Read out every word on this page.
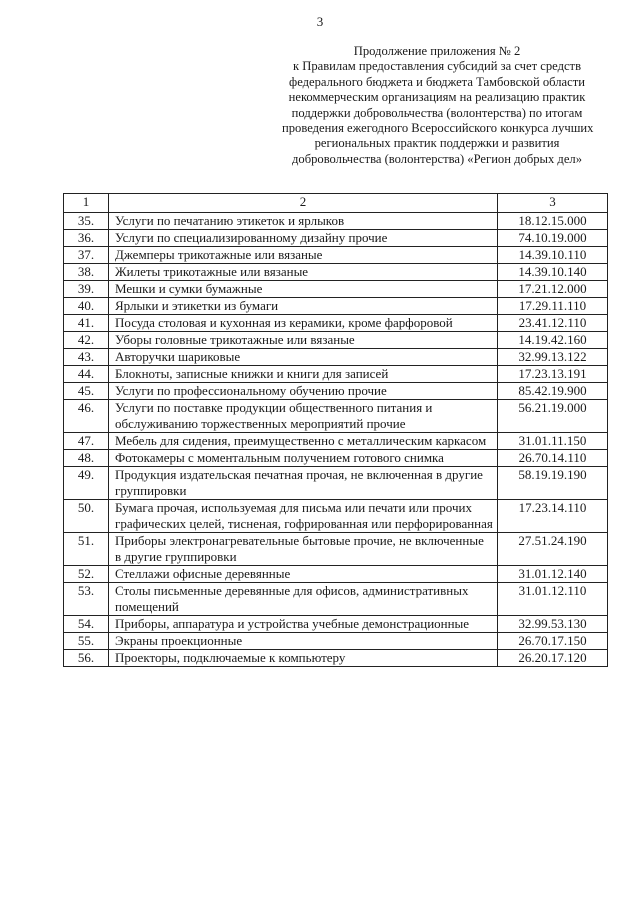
3
Продолжение приложения № 2
к Правилам предоставления субсидий за счет средств
федерального бюджета и бюджета Тамбовской области
некоммерческим организациям на реализацию практик
поддержки добровольчества (волонтерства) по итогам
проведения ежегодного Всероссийского конкурса лучших
региональных практик поддержки и развития
добровольчества (волонтерства) «Регион добрых дел»
1	2	3
35.	Услуги по печатанию этикеток и ярлыков	18.12.15.000
36.	Услуги по специализированному дизайну прочие	74.10.19.000
37.	Джемперы трикотажные или вязаные	14.39.10.110
38.	Жилеты трикотажные или вязаные	14.39.10.140
39.	Мешки и сумки бумажные	17.21.12.000
40.	Ярлыки и этикетки из бумаги	17.29.11.110
41.	Посуда столовая и кухонная из керамики, кроме фарфоровой	23.41.12.110
42.	Уборы головные трикотажные или вязаные	14.19.42.160
43.	Авторучки шариковые	32.99.13.122
44.	Блокноты, записные книжки и книги для записей	17.23.13.191
45.	Услуги по профессиональному обучению прочие	85.42.19.900
46.	Услуги по поставке продукции общественного питания и обслуживанию торжественных мероприятий прочие	56.21.19.000
47.	Мебель для сидения, преимущественно с металлическим каркасом	31.01.11.150
48.	Фотокамеры с моментальным получением готового снимка	26.70.14.110
49.	Продукция издательская печатная прочая, не включенная в другие группировки	58.19.19.190
50.	Бумага прочая, используемая для письма или печати или прочих графических целей, тисненая, гофрированная или перфорированная	17.23.14.110
51.	Приборы электронагревательные бытовые прочие, не включенные в другие группировки	27.51.24.190
52.	Стеллажи офисные деревянные	31.01.12.140
53.	Столы письменные деревянные для офисов, административных помещений	31.01.12.110
54.	Приборы, аппаратура и устройства учебные демонстрационные	32.99.53.130
55.	Экраны проекционные	26.70.17.150
56.	Проекторы, подключаемые к компьютеру	26.20.17.120
